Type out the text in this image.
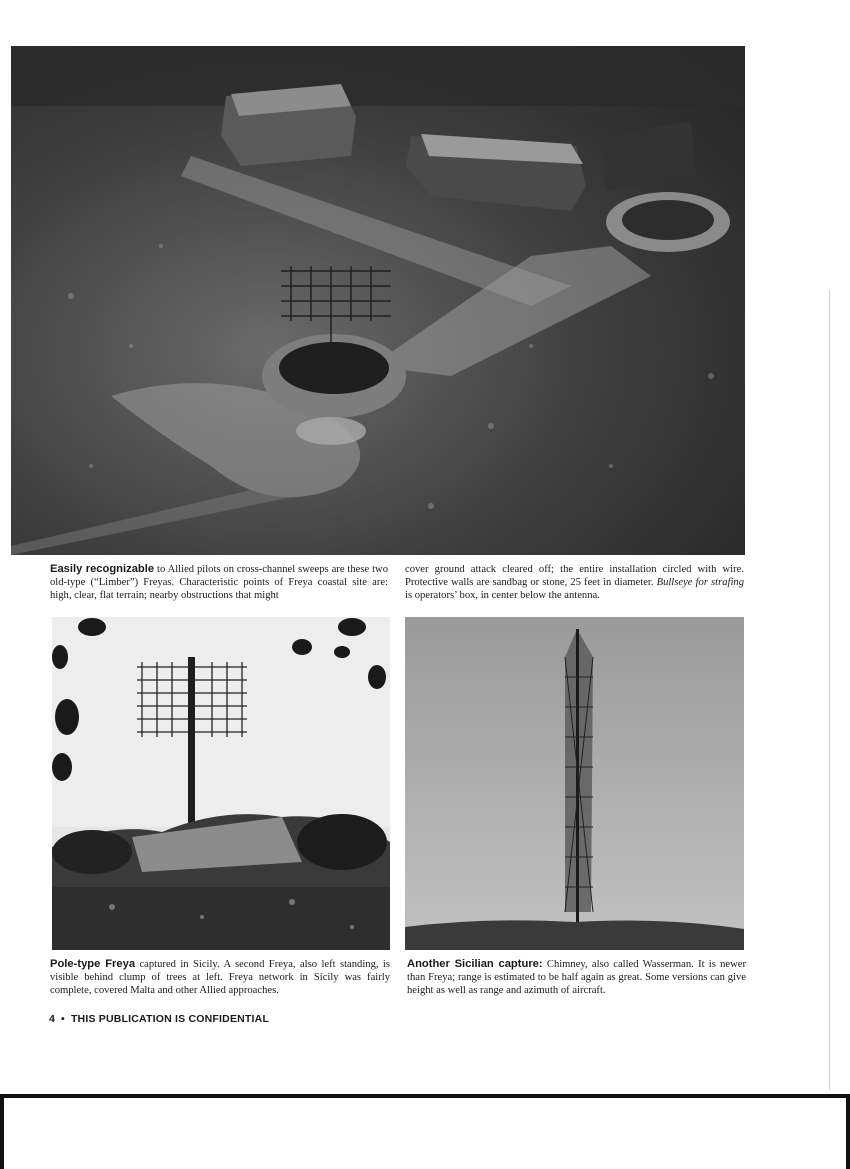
Easily recognizable to Allied pilots on cross-channel sweeps are these two old-type (“Limber”) Freyas. Characteristic points of Freya coastal site are: high, clear, flat terrain; nearby obstructions that might

cover ground attack cleared off; the entire installation circled with wire. Protective walls are sandbag or stone, 25 feet in diameter. Bullseye for strafing is operators’ box, in center below the antenna.

Pole-type Freya captured in Sicily. A second Freya, also left standing, is visible behind clump of trees at left. Freya network in Sicily was fairly complete, covered Malta and other Allied approaches.

Another Sicilian capture: Chimney, also called Wasserman. It is newer than Freya; range is estimated to be half again as great. Some versions can give height as well as range and azimuth of aircraft.

4 • THIS PUBLICATION IS CONFIDENTIAL
